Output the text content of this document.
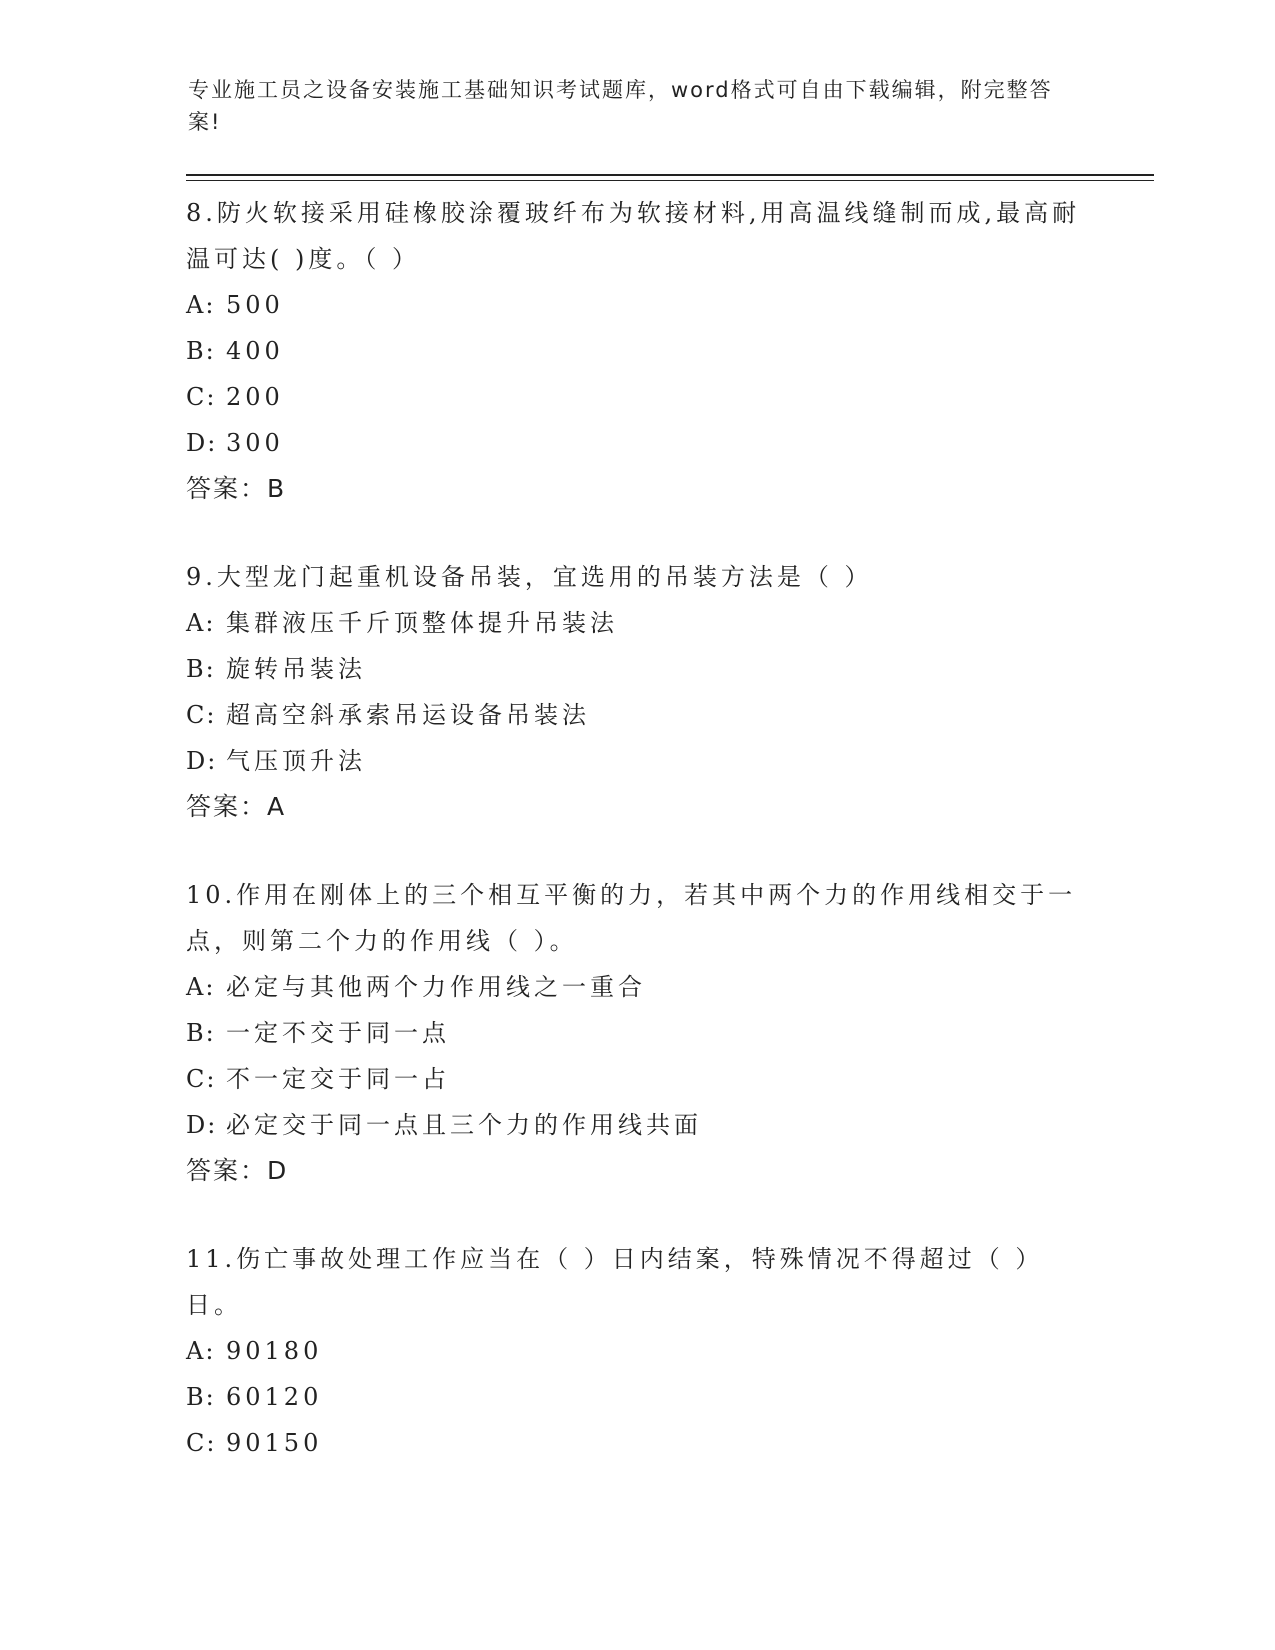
专业施工员之设备安装施工基础知识考试题库，word格式可自由下载编辑，附完整答案!
8.防火软接采用硅橡胶涂覆玻纤布为软接材料,用高温线缝制而成,最高耐温可达( )度。（ ）
A: 500
B: 400
C: 200
D: 300
答案：B
9.大型龙门起重机设备吊装，宜选用的吊装方法是（ ）
A: 集群液压千斤顶整体提升吊装法
B: 旋转吊装法
C: 超高空斜承索吊运设备吊装法
D: 气压顶升法
答案：A
10.作用在刚体上的三个相互平衡的力，若其中两个力的作用线相交于一点，则第二个力的作用线（ ）。
A: 必定与其他两个力作用线之一重合
B: 一定不交于同一点
C: 不一定交于同一占
D: 必定交于同一点且三个力的作用线共面
答案：D
11.伤亡事故处理工作应当在（ ）日内结案，特殊情况不得超过（ ）日。
A: 90180
B: 60120
C: 90150
